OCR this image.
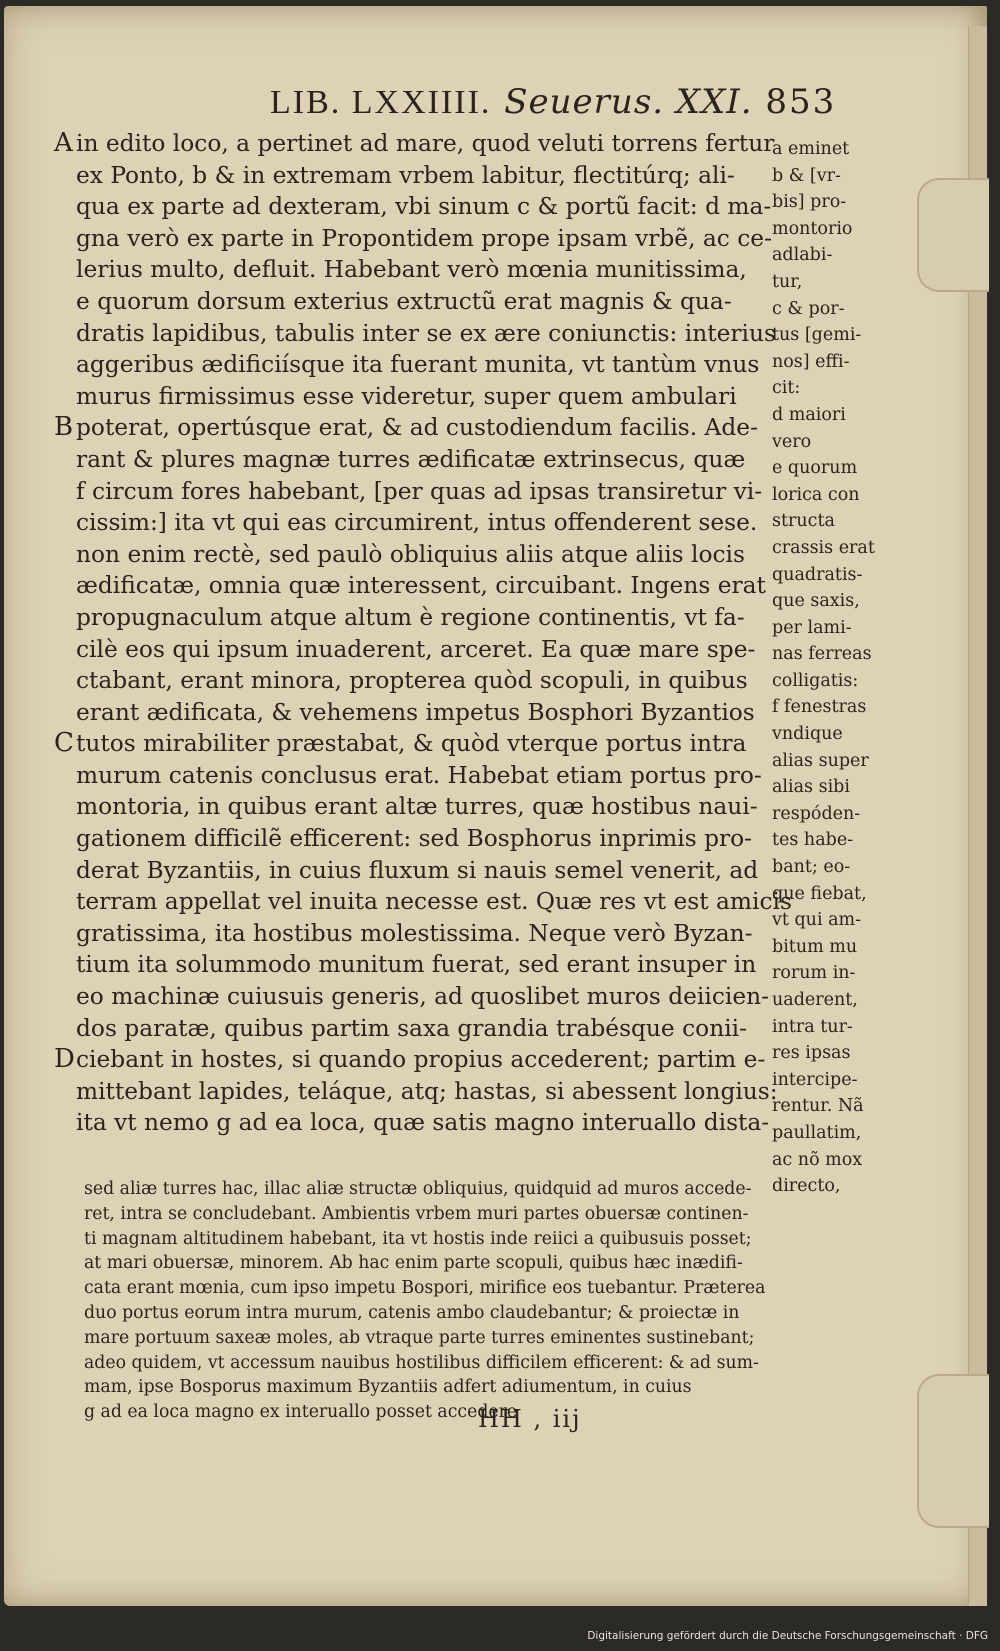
LIB. LXXIIII. Seuerus. XXI. 853
A in edito loco, a pertinet ad mare, quod veluti torrens fertur
ex Ponto, b & in extremam vrbem labitur, flectitúrq; ali-
qua ex parte ad dexteram, vbi sinum c & portũ facit: d ma-
gna verò ex parte in Propontidem prope ipsam vrbẽ, ac ce-
lerius multo, defluit. Habebant verò mœnia munitissima,
e quorum dorsum exterius extructũ erat magnis & qua-
dratis lapidibus, tabulis inter se ex ære coniunctis: interius
aggeribus ædificiísque ita fuerant munita, vt tantùm vnus
murus firmissimus esse videretur, super quem ambulari
B poterat, opertúsque erat, & ad custodiendum facilis. Ade-
rant & plures magnæ turres ædificatæ extrinsecus, quæ
f circum fores habebant, [per quas ad ipsas transiretur vi-
cissim:] ita vt qui eas circumirent, intus offenderent sese.
non enim rectè, sed paulò obliquius aliis atque aliis locis
ædificatæ, omnia quæ interessent, circuibant. Ingens erat
propugnaculum atque altum è regione continentis, vt fa-
cilè eos qui ipsum inuaderent, arceret. Ea quæ mare spe-
ctabant, erant minora, propterea quòd scopuli, in quibus
erant ædificata, & vehemens impetus Bosphori Byzantios
C tutos mirabiliter præstabat, & quòd vterque portus intra
murum catenis conclusus erat. Habebat etiam portus pro-
montoria, in quibus erant altæ turres, quæ hostibus naui-
gationem difficilẽ efficerent: sed Bosphorus inprimis pro-
derat Byzantiis, in cuius fluxum si nauis semel venerit, ad
terram appellat vel inuita necesse est. Quæ res vt est amicis
gratissima, ita hostibus molestissima. Neque verò Byzan-
tium ita solummodo munitum fuerat, sed erant insuper in
eo machinæ cuiusuis generis, ad quoslibet muros deiicien-
dos paratæ, quibus partim saxa grandia trabésque conii-
D ciebant in hostes, si quando propius accederent; partim e-
mittebant lapides, teláque, atq; hastas, si abessent longius:
ita vt nemo g ad ea loca, quæ satis magno interuallo dista-
a eminet
b & [vr-
bis] pro-
montorio
adlabi-
tur,
c & por-
tus [gemi-
nos] effi-
cit:
d maiori
vero
e quorum
lorica con
structa
crassis erat
quadratis-
que saxis,
per lami-
nas ferreas
colligatis:
f fenestras
vndique
alias super
alias sibi
respóden-
tes habe-
bant; eo-
que fiebat,
vt qui am-
bitum mu
rorum in-
uaderent,
intra tur-
res ipsas
intercipe-
rentur. Nã
paullatim,
ac nõ mox
directo,
sed aliæ turres hac, illac aliæ structæ obliquius, quidquid ad muros accede-
ret, intra se concludebant. Ambientis vrbem muri partes obuersæ continen-
ti magnam altitudinem habebant, ita vt hostis inde reiici a quibusuis posset;
at mari obuersæ, minorem. Ab hac enim parte scopuli, quibus hæc inædifi-
cata erant mœnia, cum ipso impetu Bospori, mirifice eos tuebantur. Præterea
duo portus eorum intra murum, catenis ambo claudebantur; & proiectæ in
mare portuum saxeæ moles, ab vtraque parte turres eminentes sustinebant;
adeo quidem, vt accessum nauibus hostilibus difficilem efficerent: & ad sum-
mam, ipse Bosporus maximum Byzantiis adfert adiumentum, in cuius
g ad ea loca magno ex interuallo posset accedere
HH , iij
Digitalisierung gefördert durch die Deutsche Forschungsgemeinschaft · DFG
